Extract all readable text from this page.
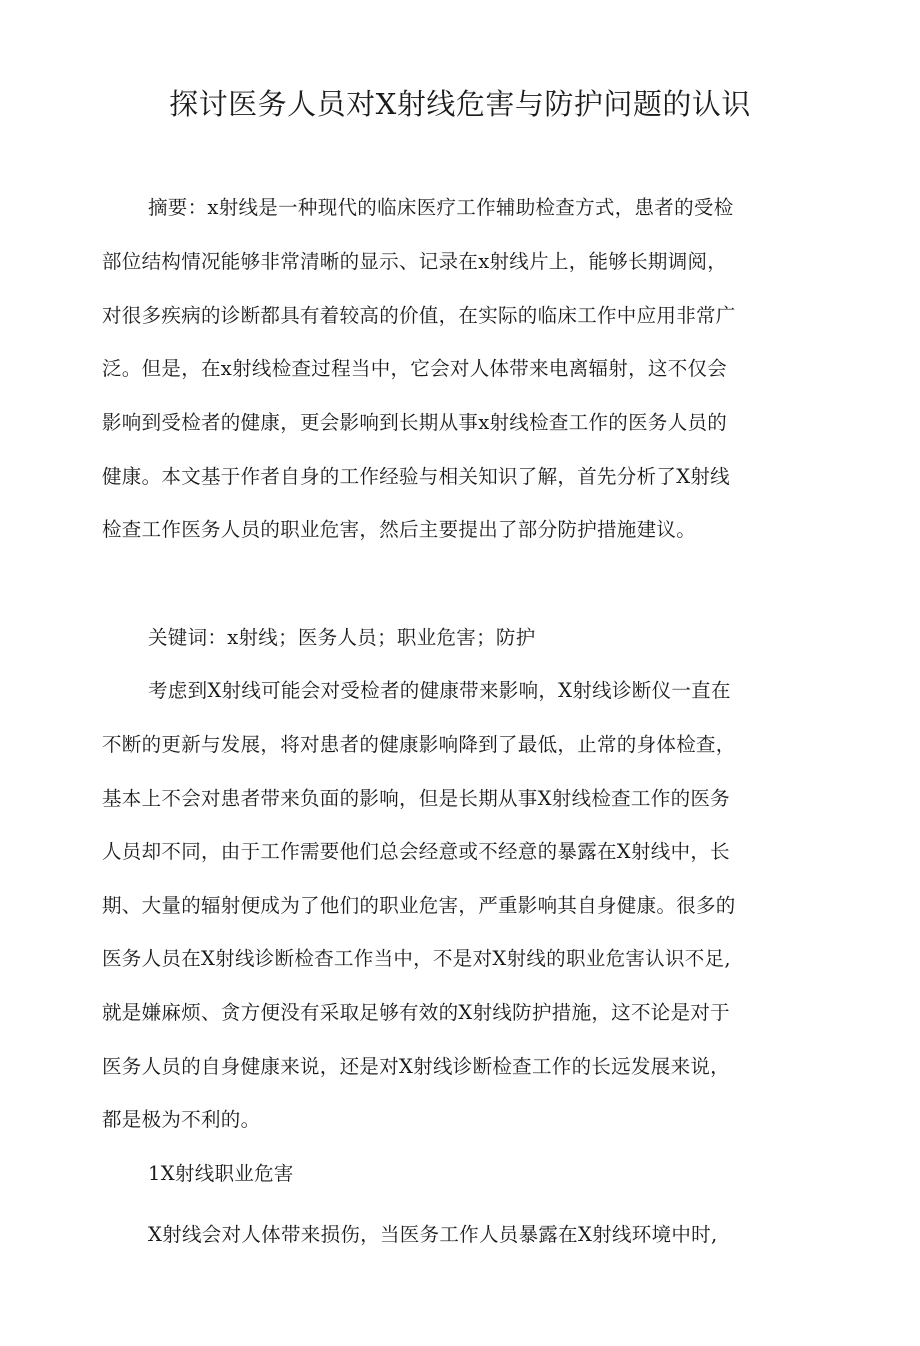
探讨医务人员对X射线危害与防护问题的认识
摘要：x射线是一种现代的临床医疗工作辅助检查方式，患者的受检
部位结构情况能够非常清晰的显示、记录在x射线片上，能够长期调阅，
对很多疾病的诊断都具有着较高的价值，在实际的临床工作中应用非常广
泛。但是，在x射线检查过程当中，它会对人体带来电离辐射，这不仅会
影响到受检者的健康，更会影响到长期从事x射线检查工作的医务人员的
健康。本文基于作者自身的工作经验与相关知识了解，首先分析了X射线
检查工作医务人员的职业危害，然后主要提出了部分防护措施建议。
关键词：x射线；医务人员；职业危害；防护
考虑到X射线可能会对受检者的健康带来影响，X射线诊断仪一直在
不断的更新与发展，将对患者的健康影响降到了最低，止常的身体检查，
基本上不会对患者带来负面的影响，但是长期从事X射线检查工作的医务
人员却不同，由于工作需要他们总会经意或不经意的暴露在X射线中，长
期、大量的辐射便成为了他们的职业危害，严重影响其自身健康。很多的
医务人员在X射线诊断检杳工作当中，不是对X射线的职业危害认识不足,
就是嫌麻烦、贪方便没有采取足够有效的X射线防护措施，这不论是对于
医务人员的自身健康来说，还是对X射线诊断检查工作的长远发展来说，
都是极为不利的。
1X射线职业危害
X射线会对人体带来损伤，当医务工作人员暴露在X射线环境中时,
